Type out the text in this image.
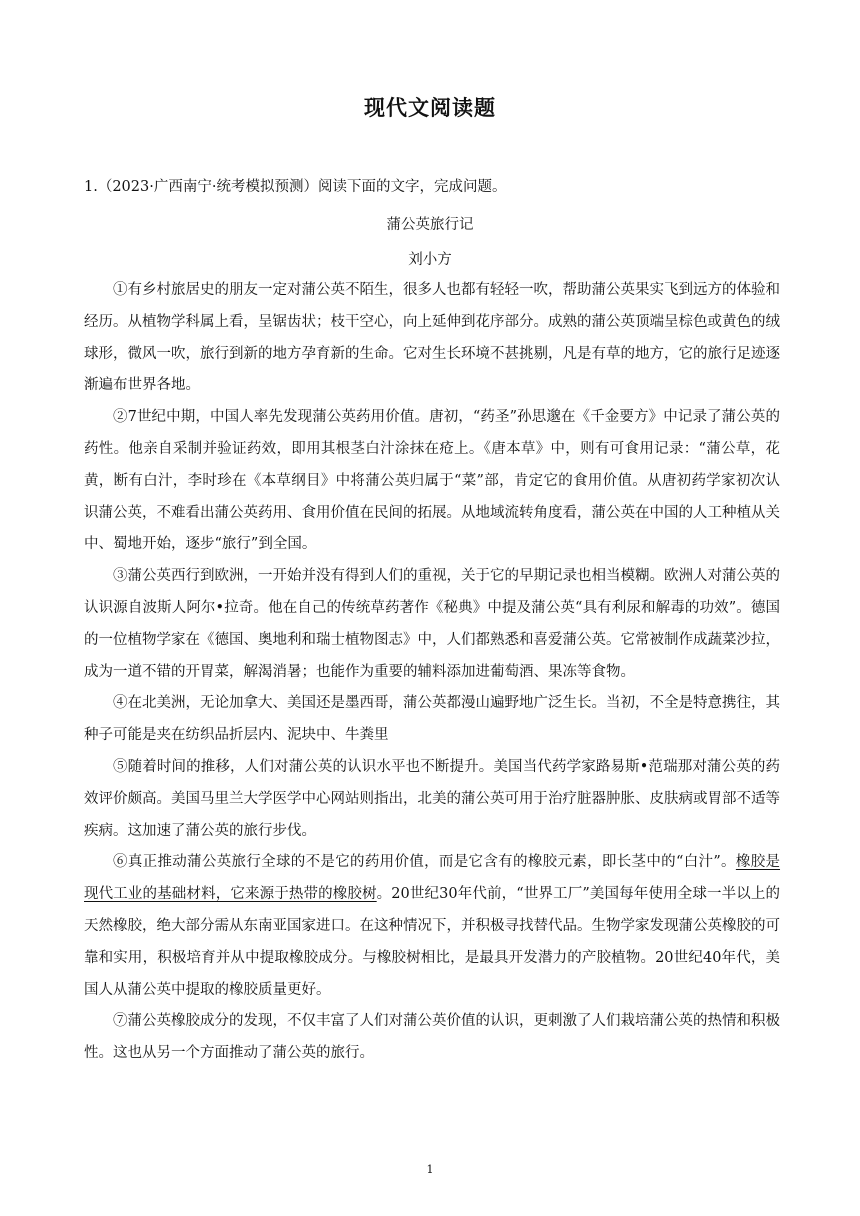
现代文阅读题

1.（2023·广西南宁·统考模拟预测）阅读下面的文字，完成问题。

蒲公英旅行记

刘小方

①有乡村旅居史的朋友一定对蒲公英不陌生，很多人也都有轻轻一吹，帮助蒲公英果实飞到远方的体验和经历。从植物学科属上看，呈锯齿状；枝干空心，向上延伸到花序部分。成熟的蒲公英顶端呈棕色或黄色的绒球形，微风一吹，旅行到新的地方孕育新的生命。它对生长环境不甚挑剔，凡是有草的地方，它的旅行足迹逐渐遍布世界各地。

②7世纪中期，中国人率先发现蒲公英药用价值。唐初，“药圣”孙思邈在《千金要方》中记录了蒲公英的药性。他亲自采制并验证药效，即用其根茎白汁涂抹在疮上。《唐本草》中，则有可食用记录：“蒲公草，花黄，断有白汁，李时珍在《本草纲目》中将蒲公英归属于“菜”部，肯定它的食用价值。从唐初药学家初次认识蒲公英，不难看出蒲公英药用、食用价值在民间的拓展。从地域流转角度看，蒲公英在中国的人工种植从关中、蜀地开始，逐步“旅行”到全国。

③蒲公英西行到欧洲，一开始并没有得到人们的重视，关于它的早期记录也相当模糊。欧洲人对蒲公英的认识源自波斯人阿尔•拉奇。他在自己的传统草药著作《秘典》中提及蒲公英“具有利尿和解毒的功效”。德国的一位植物学家在《德国、奥地利和瑞士植物图志》中，人们都熟悉和喜爱蒲公英。它常被制作成蔬菜沙拉，成为一道不错的开胃菜，解渴消暑；也能作为重要的辅料添加进葡萄酒、果冻等食物。

④在北美洲，无论加拿大、美国还是墨西哥，蒲公英都漫山遍野地广泛生长。当初，不全是特意携往，其种子可能是夹在纺织品折层内、泥块中、牛粪里

⑤随着时间的推移，人们对蒲公英的认识水平也不断提升。美国当代药学家路易斯•范瑞那对蒲公英的药效评价颇高。美国马里兰大学医学中心网站则指出，北美的蒲公英可用于治疗脏器肿胀、皮肤病或胃部不适等疾病。这加速了蒲公英的旅行步伐。

⑥真正推动蒲公英旅行全球的不是它的药用价值，而是它含有的橡胶元素，即长茎中的“白汁”。橡胶是现代工业的基础材料，它来源于热带的橡胶树。20世纪30年代前，“世界工厂”美国每年使用全球一半以上的天然橡胶，绝大部分需从东南亚国家进口。在这种情况下，并积极寻找替代品。生物学家发现蒲公英橡胶的可靠和实用，积极培育并从中提取橡胶成分。与橡胶树相比，是最具开发潜力的产胶植物。20世纪40年代，美国人从蒲公英中提取的橡胶质量更好。

⑦蒲公英橡胶成分的发现，不仅丰富了人们对蒲公英价值的认识，更刺激了人们栽培蒲公英的热情和积极性。这也从另一个方面推动了蒲公英的旅行。

1
